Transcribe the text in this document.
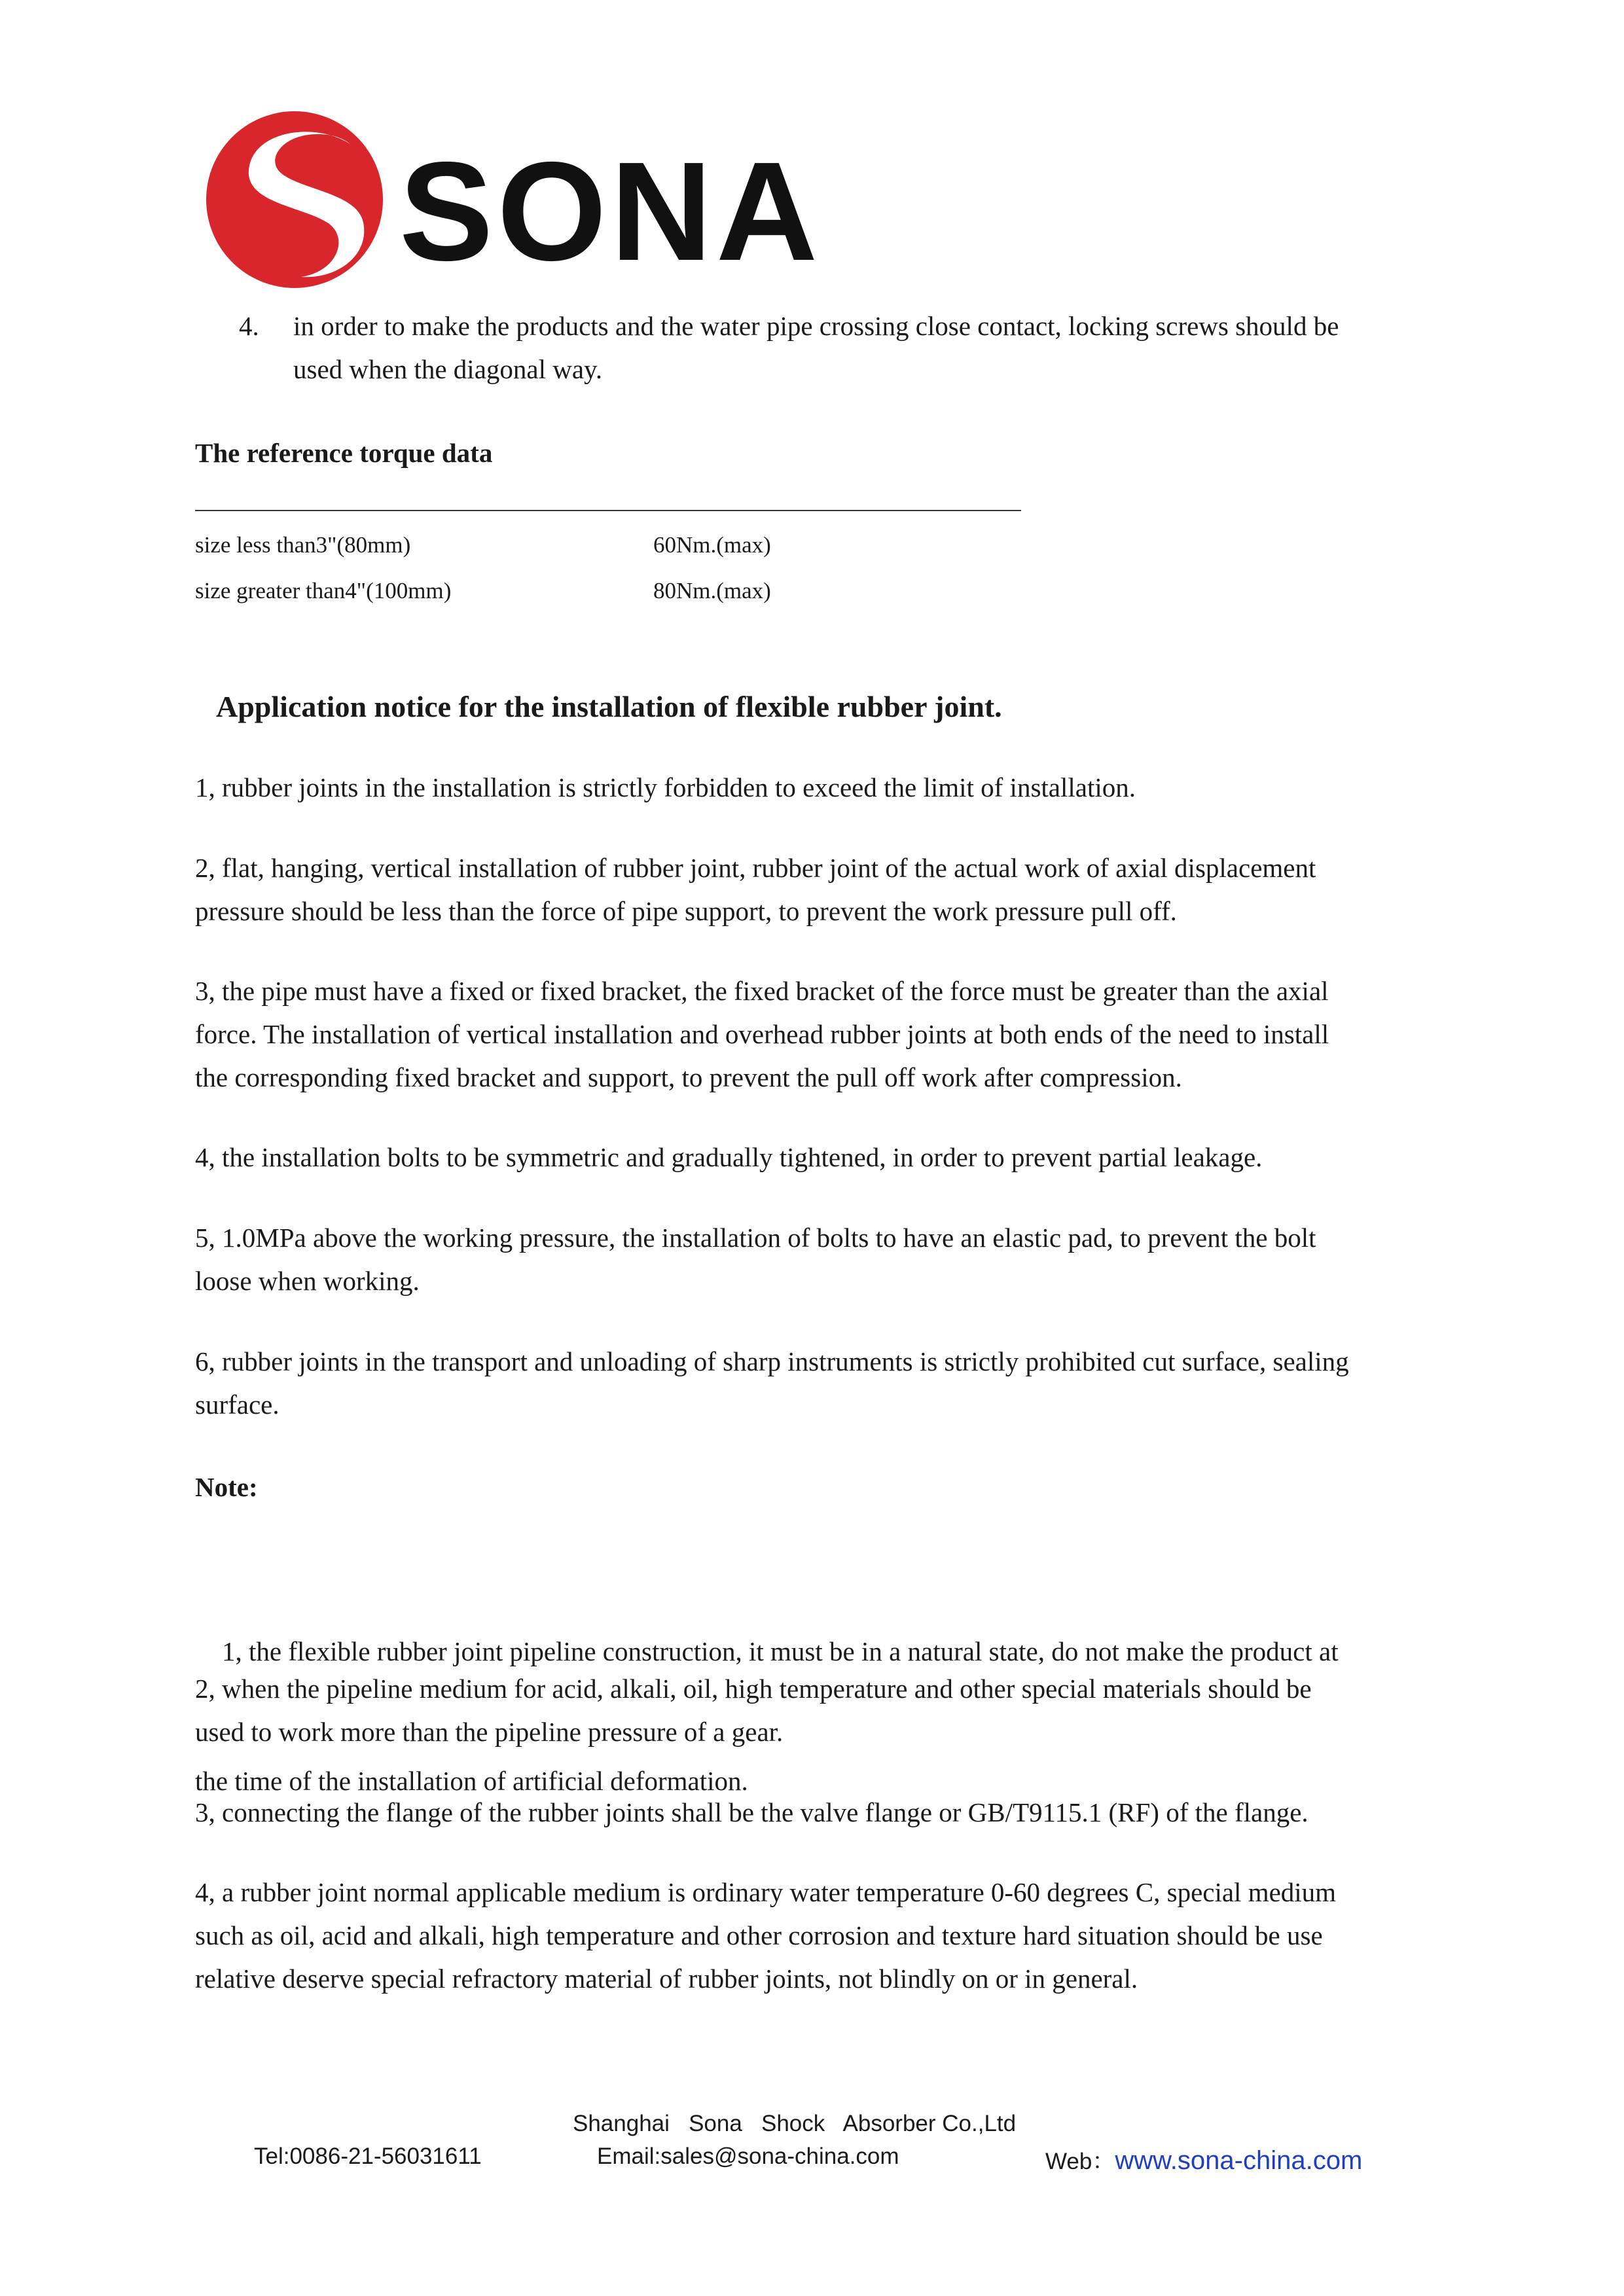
SONA
4. in order to make the products and the water pipe crossing close contact, locking screws should be
used when the diagonal way.
The reference torque data
size less than3"(80mm)	60Nm.(max)
size greater than4"(100mm)	80Nm.(max)
Application notice for the installation of flexible rubber joint.
1, rubber joints in the installation is strictly forbidden to exceed the limit of installation.
2, flat, hanging, vertical installation of rubber joint, rubber joint of the actual work of axial displacement
pressure should be less than the force of pipe support, to prevent the work pressure pull off.
3, the pipe must have a fixed or fixed bracket, the fixed bracket of the force must be greater than the axial
force. The installation of vertical installation and overhead rubber joints at both ends of the need to install
the corresponding fixed bracket and support, to prevent the pull off work after compression.
4, the installation bolts to be symmetric and gradually tightened, in order to prevent partial leakage.
5, 1.0MPa above the working pressure, the installation of bolts to have an elastic pad, to prevent the bolt
loose when working.
6, rubber joints in the transport and unloading of sharp instruments is strictly prohibited cut surface, sealing
surface.
Note:

1, the flexible rubber joint pipeline construction, it must be in a natural state, do not make the product at

the time of the installation of artificial deformation.

2, when the pipeline medium for acid, alkali, oil, high temperature and other special materials should be
used to work more than the pipeline pressure of a gear.
3, connecting the flange of the rubber joints shall be the valve flange or GB/T9115.1 (RF) of the flange.
4, a rubber joint normal applicable medium is ordinary water temperature 0-60 degrees C, special medium
such as oil, acid and alkali, high temperature and other corrosion and texture hard situation should be use
relative deserve special refractory material of rubber joints, not blindly on or in general.
Shanghai   Sona   Shock   Absorber Co.,Ltd
Tel:0086-21-56031611	Email:sales@sona-china.com	Web：www.sona-china.com
